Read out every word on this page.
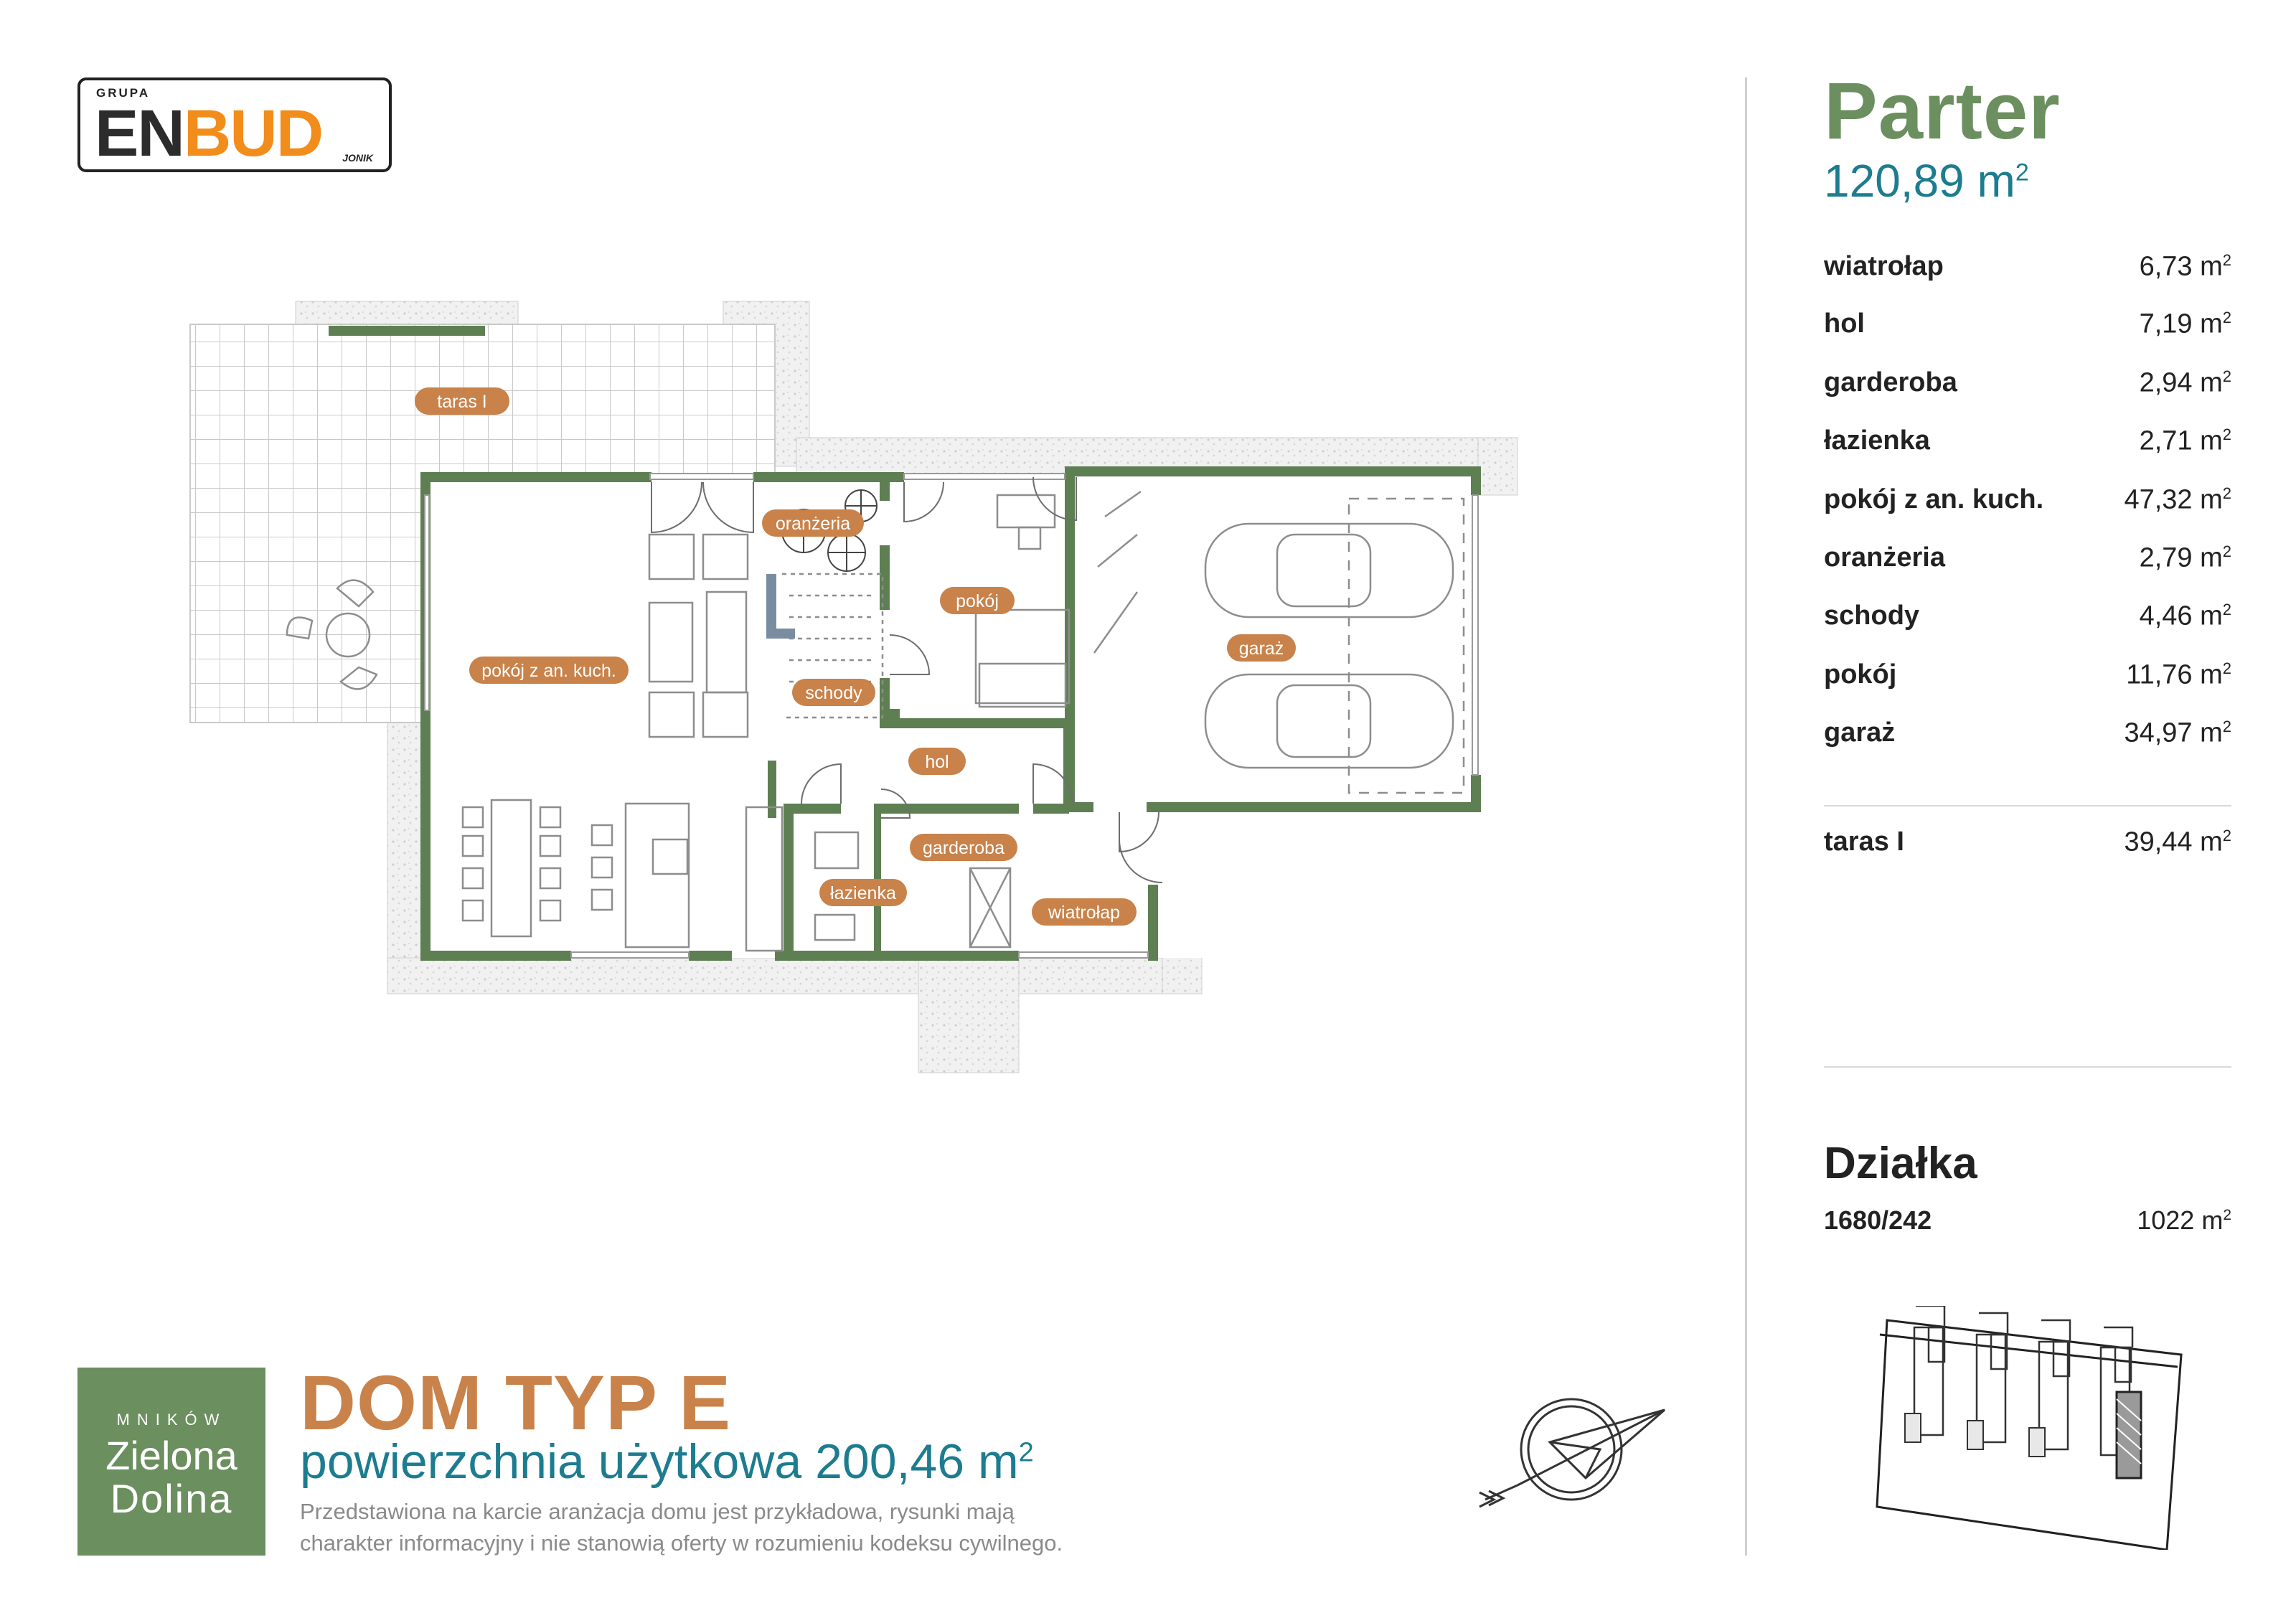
GRUPA
ENBUD JONIK
taras I
pokój z an. kuch.
oranżeria
schody
pokój
garaż
hol
garderoba
łazienka
wiatrołap
Parter
120,89 $m^2$
wiatrołap	6,73 $m^2$
hol	7,19 $m^2$
garderoba	2,94 $m^2$
łazienka	2,71 $m^2$
pokój z an. kuch.	47,32 $m^2$
oranżeria	2,79 $m^2$
schody	4,46 $m^2$
pokój	11,76 $m^2$
garaż	34,97 $m^2$
taras I	39,44 $m^2$
Działka
1680/242	1022 $m^2$
MNIKÓW
Zielona
Dolina
DOM TYP E
powierzchnia użytkowa 200,46 $m^2$
Przedstawiona na karcie aranżacja domu jest przykładowa, rysunki mają
charakter informacyjny i nie stanowią oferty w rozumieniu kodeksu cywilnego.
